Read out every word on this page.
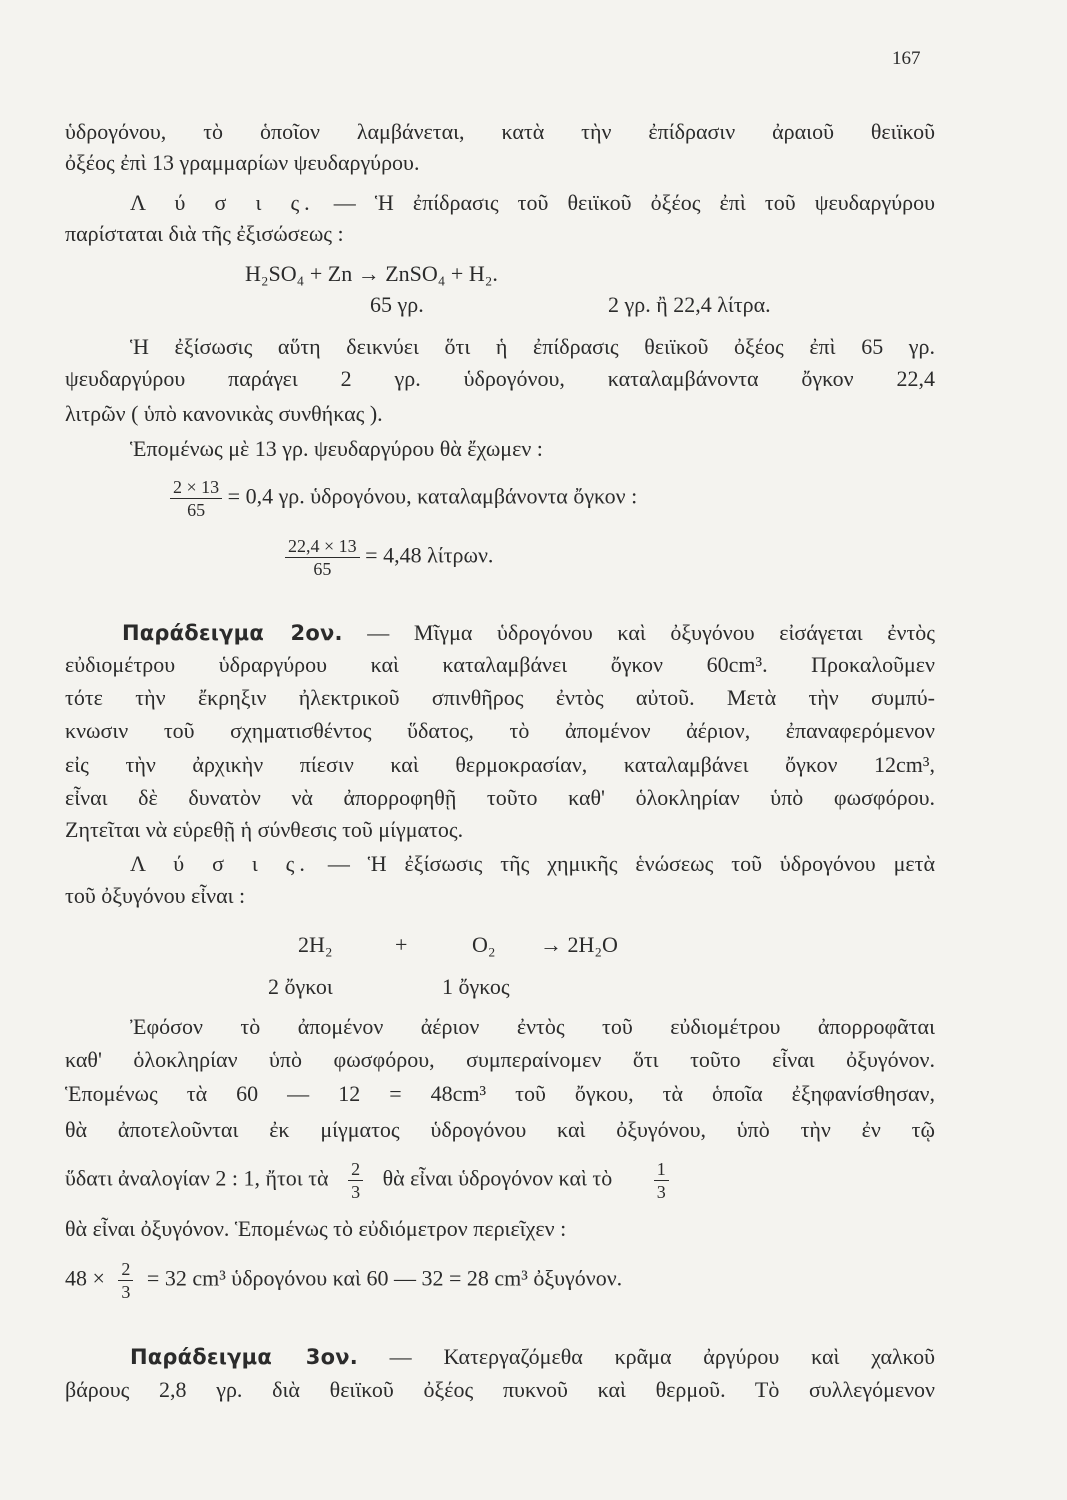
167
ὑδρογόνου, τὸ ὁποῖον λαμβάνεται, κατὰ τὴν ἐπίδρασιν ἀραιοῦ θειϊκοῦ
ὀξέος ἐπὶ 13 γραμμαρίων ψευδαργύρου.
Λ ύ σ ι ς. — Ἡ ἐπίδρασις τοῦ θειϊκοῦ ὀξέος ἐπὶ τοῦ ψευδαργύρου
παρίσταται διὰ τῆς ἐξισώσεως :
H₂SO₄ + Zn → ZnSO₄ + H₂.
65 γρ.	2 γρ. ἢ 22,4 λίτρα.
Ἡ ἐξίσωσις αὕτη δεικνύει ὅτι ἡ ἐπίδρασις θειϊκοῦ ὀξέος ἐπὶ 65 γρ.
ψευδαργύρου παράγει 2 γρ. ὑδρογόνου, καταλαμβάνοντα ὄγκον 22,4
λιτρῶν ( ὑπὸ κανονικὰς συνθήκας ).
Ἑπομένως μὲ 13 γρ. ψευδαργύρου θὰ ἔχωμεν :
$\frac{2 \times 13}{65} = 0,4$ γρ. ὑδρογόνου, καταλαμβάνοντα ὄγκον :
$\frac{22,4 \times 13}{65} = 4,48$ λίτρων.
Παράδειγμα 2ον. — Μῖγμα ὑδρογόνου καὶ ὀξυγόνου εἰσάγεται ἐντὸς
εὐδιομέτρου ὑδραργύρου καὶ καταλαμβάνει ὄγκον 60cm³. Προκαλοῦμεν
τότε τὴν ἔκρηξιν ἠλεκτρικοῦ σπινθῆρος ἐντὸς αὐτοῦ. Μετὰ τὴν συμπύ-
κνωσιν τοῦ σχηματισθέντος ὕδατος, τὸ ἀπομένον ἀέριον, ἐπαναφερόμενον
εἰς τὴν ἀρχικὴν πίεσιν καὶ θερμοκρασίαν, καταλαμβάνει ὄγκον 12cm³,
εἶναι δὲ δυνατὸν νὰ ἀπορροφηθῇ τοῦτο καθ' ὁλοκληρίαν ὑπὸ φωσφόρου.
Ζητεῖται νὰ εὑρεθῇ ἡ σύνθεσις τοῦ μίγματος.
Λ ύ σ ι ς. — Ἡ ἐξίσωσις τῆς χημικῆς ἑνώσεως τοῦ ὑδρογόνου μετὰ
τοῦ ὀξυγόνου εἶναι :
2H₂	+	O₂ → 2H₂O
2 ὄγκοι	1 ὄγκος
Ἐφόσον τὸ ἀπομένον ἀέριον ἐντὸς τοῦ εὐδιομέτρου ἀπορροφᾶται
καθ' ὁλοκληρίαν ὑπὸ φωσφόρου, συμπεραίνομεν ὅτι τοῦτο εἶναι ὀξυγόνον.
Ἑπομένως τὰ 60 — 12 = 48cm³ τοῦ ὄγκου, τὰ ὁποῖα ἐξηφανίσθησαν,
θὰ ἀποτελοῦνται ἐκ μίγματος ὑδρογόνου καὶ ὀξυγόνου, ὑπὸ τὴν ἐν τῷ
ὕδατι ἀναλογίαν 2 : 1, ἤτοι τὰ $\frac{2}{3}$ θὰ εἶναι ὑδρογόνον καὶ τὸ $\frac{1}{3}$
θὰ εἶναι ὀξυγόνον. Ἑπομένως τὸ εὐδιόμετρον περιεῖχεν :
$48 \times \frac{2}{3} = 32$ cm³ ὑδρογόνου καὶ 60 — 32 = 28 cm³ ὀξυγόνον.
Παράδειγμα 3ον. — Κατεργαζόμεθα κρᾶμα ἀργύρου καὶ χαλκοῦ
βάρους 2,8 γρ. διὰ θειϊκοῦ ὀξέος πυκνοῦ καὶ θερμοῦ. Τὸ συλλεγόμενον
